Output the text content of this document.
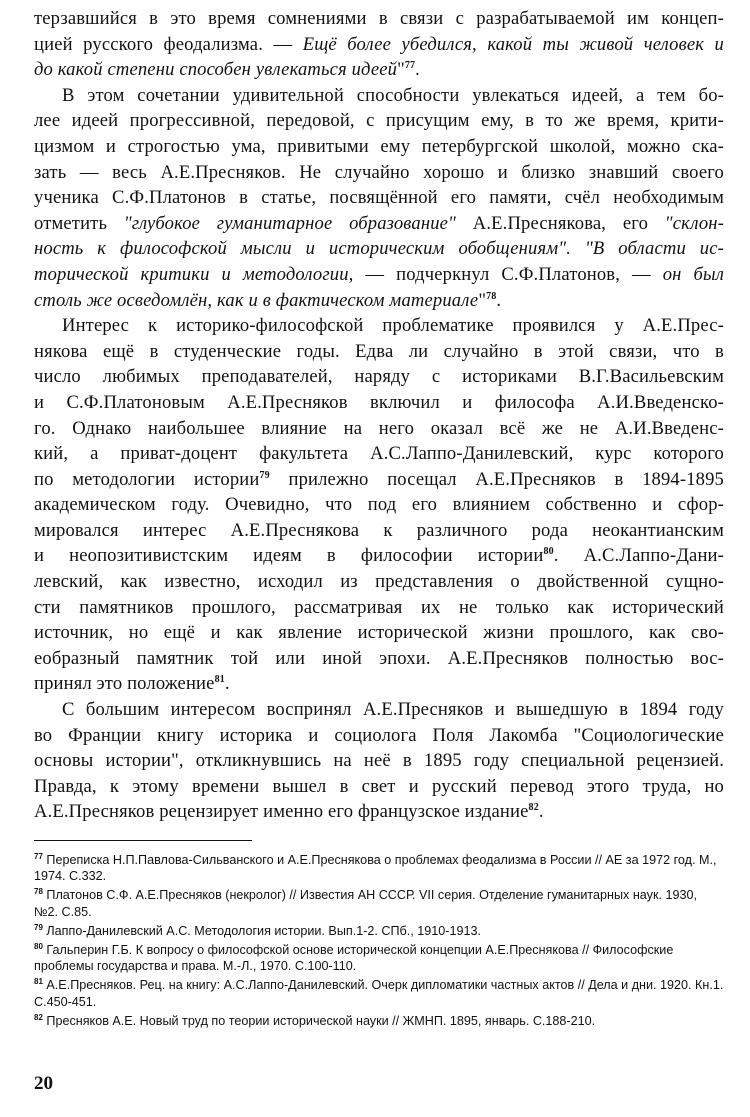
терзавшийся в это время сомнениями в связи с разрабатываемой им концеп-
цией русского феодализма. — Ещё более убедился, какой ты живой человек и
до какой степени способен увлекаться идеей"$^{77}$.
В этом сочетании удивительной способности увлекаться идеей, а тем бо-
лее идеей прогрессивной, передовой, с присущим ему, в то же время, крити-
цизмом и строгостью ума, привитыми ему петербургской школой, можно ска-
зать — весь А.Е.Пресняков. Не случайно хорошо и близко знавший своего
ученика С.Ф.Платонов в статье, посвящённой его памяти, счёл необходимым
отметить "глубокое гуманитарное образование" А.Е.Преснякова, его "склон-
ность к философской мысли и историческим обобщениям". "В области ис-
торической критики и методологии, — подчеркнул С.Ф.Платонов, — он был
столь же осведомлён, как и в фактическом материале"$^{78}$.
Интерес к историко-философской проблематике проявился у А.Е.Прес-
някова ещё в студенческие годы. Едва ли случайно в этой связи, что в
число любимых преподавателей, наряду с историками В.Г.Васильевским
и С.Ф.Платоновым А.Е.Пресняков включил и философа А.И.Введенско-
го. Однако наибольшее влияние на него оказал всё же не А.И.Введенс-
кий, а приват-доцент факультета А.С.Лаппо-Данилевский, курс которого
по методологии истории$^{79}$ прилежно посещал А.Е.Пресняков в 1894-1895
академическом году. Очевидно, что под его влиянием собственно и сфор-
мировался интерес А.Е.Преснякова к различного рода неокантианским
и неопозитивистским идеям в философии истории$^{80}$. А.С.Лаппо-Дани-
левский, как известно, исходил из представления о двойственной сущно-
сти памятников прошлого, рассматривая их не только как исторический
источник, но ещё и как явление исторической жизни прошлого, как сво-
еобразный памятник той или иной эпохи. А.Е.Пресняков полностью вос-
принял это положение$^{81}$.
С большим интересом воспринял А.Е.Пресняков и вышедшую в 1894 году
во Франции книгу историка и социолога Поля Лакомба "Социологические
основы истории", откликнувшись на неё в 1895 году специальной рецензией.
Правда, к этому времени вышел в свет и русский перевод этого труда, но
А.Е.Пресняков рецензирует именно его французское издание$^{82}$.
$^{77}$ Переписка Н.П.Павлова-Сильванского и А.Е.Преснякова о проблемах феодализма в России // АЕ за 1972 год. М., 1974. С.332.
$^{78}$ Платонов С.Ф. А.Е.Пресняков (некролог) // Известия АН СССР. VII серия. Отделение гуманитарных наук. 1930, №2. С.85.
$^{79}$ Лаппо-Данилевский А.С. Методология истории. Вып.1-2. СПб., 1910-1913.
$^{80}$ Гальперин Г.Б. К вопросу о философской основе исторической концепции А.Е.Преснякова // Философские проблемы государства и права. М.-Л., 1970. С.100-110.
$^{81}$ А.Е.Пресняков. Рец. на книгу: А.С.Лаппо-Данилевский. Очерк дипломатики частных актов // Дела и дни. 1920. Кн.1. С.450-451.
$^{82}$ Пресняков А.Е. Новый труд по теории исторической науки // ЖМНП. 1895, январь. С.188-210.
20
